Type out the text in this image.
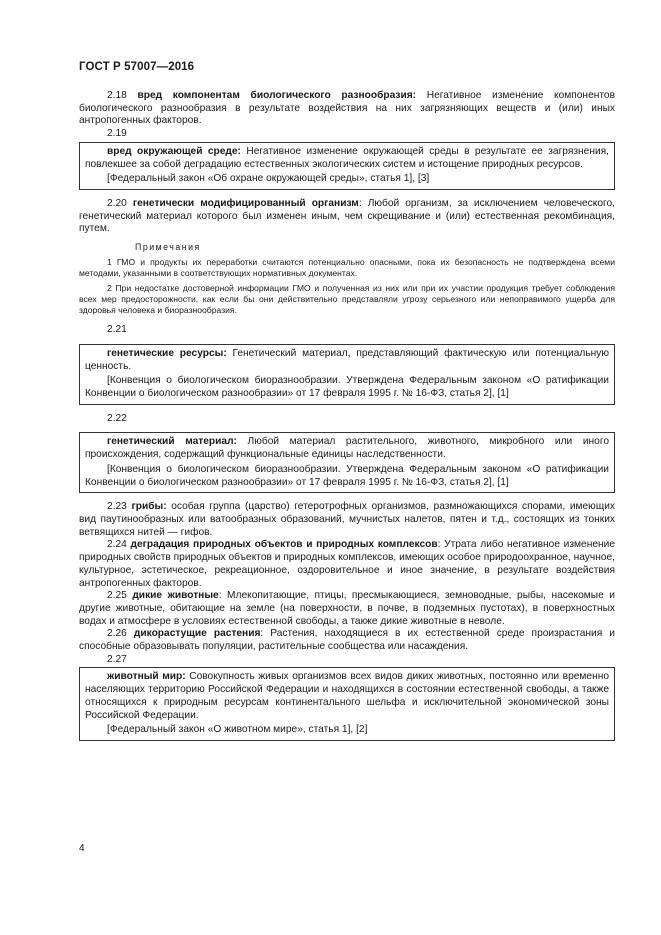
ГОСТ Р 57007—2016

2.18 вред компонентам биологического разнообразия: Негативное изменение компонентов биологического разнообразия в результате воздействия на них загрязняющих веществ и (или) иных антропогенных факторов.

2.19

вред окружающей среде: Негативное изменение окружающей среды в результате ее загрязнения, повлекшее за собой деградацию естественных экологических систем и истощение природных ресурсов.

[Федеральный закон «Об охране окружающей среды», статья 1], [3]

2.20 генетически модифицированный организм: Любой организм, за исключением человеческого, генетический материал которого был изменен иным, чем скрещивание и (или) естественная рекомбинация, путем.

Примечания

1 ГМО и продукты их переработки считаются потенциально опасными, пока их безопасность не подтверждена всеми методами, указанными в соответствующих нормативных документах.

2 При недостатке достоверной информации ГМО и полученная из них или при их участии продукция требует соблюдения всех мер предосторожности, как если бы они действительно представляли угрозу серьезного или непоправимого ущерба для здоровья человека и биоразнообразия.

2.21

генетические ресурсы: Генетический материал, представляющий фактическую или потенциальную ценность.

[Конвенция о биологическом биоразнообразии. Утверждена Федеральным законом «О ратификации Конвенции о биологическом разнообразии» от 17 февраля 1995 г. № 16-ФЗ, статья 2], [1]

2.22

генетический материал: Любой материал растительного, животного, микробного или иного происхождения, содержащий функциональные единицы наследственности.

[Конвенция о биологическом биоразнообразии. Утверждена Федеральным законом «О ратификации Конвенции о биологическом разнообразии» от 17 февраля 1995 г. № 16-ФЗ, статья 2], [1]

2.23 грибы: особая группа (царство) гетеротрофных организмов, размножающихся спорами, имеющих вид паутинообразных или ватообразных образований, мучнистых налетов, пятен и т.д., состоящих из тонких ветвящихся нитей — гифов.

2.24 деградация природных объектов и природных комплексов: Утрата либо негативное изменение природных свойств природных объектов и природных комплексов, имеющих особое природоохранное, научное, культурное, эстетическое, рекреационное, оздоровительное и иное значение, в результате воздействия антропогенных факторов.

2.25 дикие животные: Млекопитающие, птицы, пресмыкающиеся, земноводные, рыбы, насекомые и другие животные, обитающие на земле (на поверхности, в почве, в подземных пустотах), в поверхностных водах и атмосфере в условиях естественной свободы, а также дикие животные в неволе.

2.26 дикорастущие растения: Растения, находящиеся в их естественной среде произрастания и способные образовывать популяции, растительные сообщества или насаждения.

2.27

животный мир: Совокупность живых организмов всех видов диких животных, постоянно или временно населяющих территорию Российской Федерации и находящихся в состоянии естественной свободы, а также относящихся к природным ресурсам континентального шельфа и исключительной экономической зоны Российской Федерации.

[Федеральный закон «О животном мире», статья 1], [2]

4
